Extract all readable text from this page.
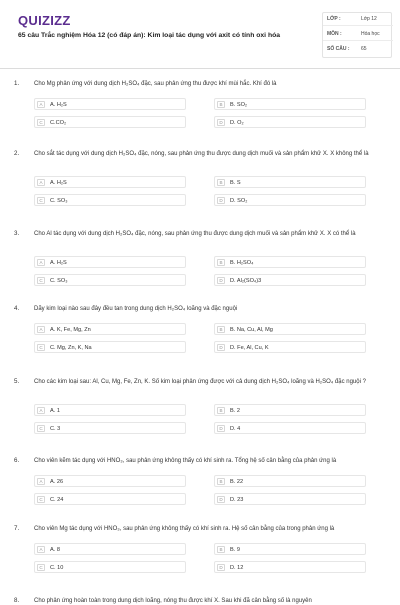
QUIZIZZ
65 câu Trắc nghiệm Hóa 12 (có đáp án): Kim loại tác dụng với axit có tính oxi hóa
LỚP :	Lớp 12
MÔN :	Hóa học
SỐ CÂU : 65
1. Cho Mg phản ứng với dung dịch H₂SO₄ đặc, sau phản ứng thu được khí mùi hắc. Khí đó là
A	A. H₂S	B	B. SO₂
C	C.CO₂	D	D. O₂
2. Cho sắt tác dụng với dung dịch H₂SO₄ đặc, nóng, sau phản ứng thu được dung dịch muối và sản phẩm khử X. X không thể là
A	A. H₂S	B	B. S
C	C. SO₃	D	D. SO₂
3. Cho Al tác dụng với dung dịch H₂SO₄ đặc, nóng, sau phản ứng thu được dung dịch muối và sản phẩm khử X. X có thể là
A	A. H₂S	B	B. H₂SO₄
C	C. SO₃	D	D. Al₂(SO₄)3
4. Dãy kim loại nào sau đây đều tan trong dung dịch H₂SO₄ loãng và đặc nguội
A	A. K, Fe, Mg, Zn	B	B. Na, Cu, Al, Mg
C	C. Mg, Zn, K, Na	D	D. Fe, Al, Cu, K
5. Cho các kim loại sau: Al, Cu, Mg, Fe, Zn, K. Số kim loại phản ứng được với cả dung dịch H₂SO₄ loãng và H₂SO₄ đặc nguội ?
A	A. 1	B	B. 2
C	C. 3	D	D. 4
6. Cho viên kẽm tác dụng với HNO₃, sau phản ứng không thấy có khí sinh ra. Tổng hệ số cân bằng của phản ứng là
A	A. 26	B	B. 22
C	C. 24	D	D. 23
7. Cho viên Mg tác dụng với HNO₃, sau phản ứng không thấy có khí sinh ra. Hệ số cân bằng của trong phản ứng là
A	A. 8	B	B. 9
C	C. 10	D	D. 12
8. Cho phản ứng hoàn toàn trong dung dịch loãng, nóng thu được khí X. Sau khi đã cân bằng số là nguyên
